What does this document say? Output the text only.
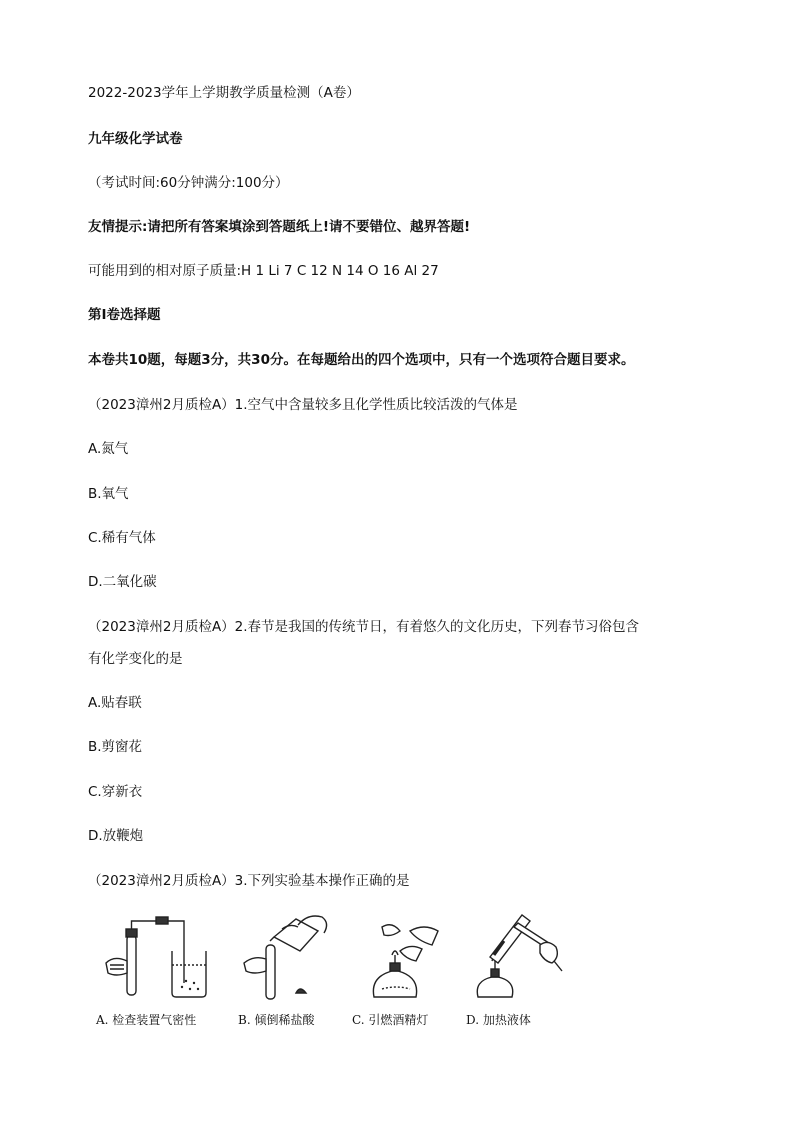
2022-2023学年上学期教学质量检测（A卷）
九年级化学试卷
（考试时间:60分钟满分:100分）
友情提示:请把所有答案填涂到答题纸上!请不要错位、越界答题!
可能用到的相对原子质量:H 1 Li 7 C 12 N 14 O 16 Al 27
第Ⅰ卷选择题
本卷共10题，每题3分，共30分。在每题给出的四个选项中，只有一个选项符合题目要求。
（2023漳州2月质检A）1.空气中含量较多且化学性质比较活泼的气体是
A.氮气
B.氧气
C.稀有气体
D.二氧化碳
（2023漳州2月质检A）2.春节是我国的传统节日，有着悠久的文化历史，下列春节习俗包含
有化学变化的是
A.贴春联
B.剪窗花
C.穿新衣
D.放鞭炮
（2023漳州2月质检A）3.下列实验基本操作正确的是
A. 检查装置气密性	B. 倾倒稀盐酸	C. 引燃酒精灯	D. 加热液体
